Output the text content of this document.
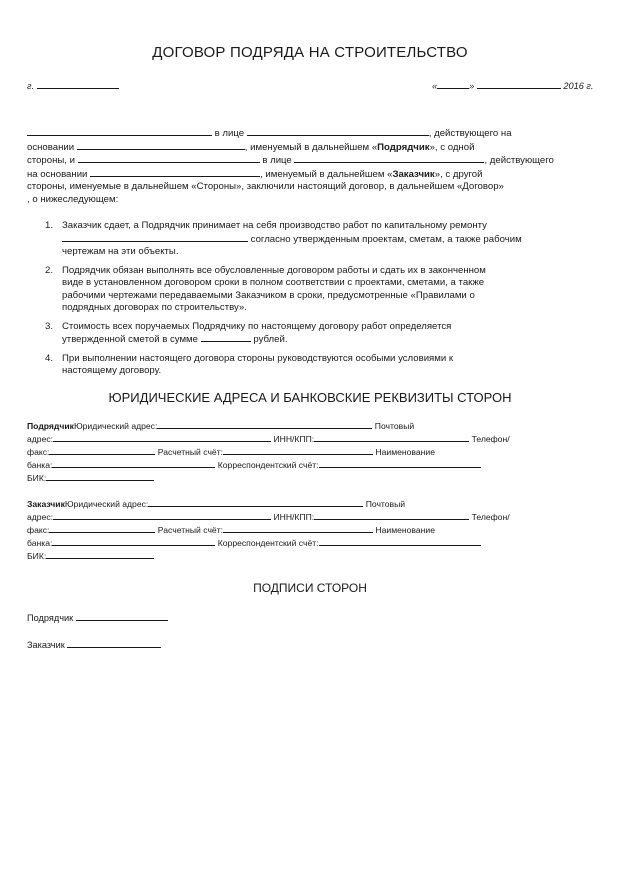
ДОГОВОР ПОДРЯДА НА СТРОИТЕЛЬСТВО
г.	«	»	2016 г.
в лице	, действующего на
основании	, именуемый в дальнейшем «Подрядчик», с одной
стороны, и	в лице	, действующего
на основании	, именуемый в дальнейшем «Заказчик», с другой
стороны, именуемые в дальнейшем «Стороны», заключили настоящий договор, в дальнейшем «Договор»
, о нижеследующем:
1. Заказчик сдает, а Подрядчик принимает на себя производство работ по капитальному ремонту
согласно утвержденным проектам, сметам, а также рабочим
чертежам на эти объекты.
2. Подрядчик обязан выполнять все обусловленные договором работы и сдать их в законченном
виде в установленном договором сроки в полном соответствии с проектами, сметами, а также
рабочими чертежами передаваемыми Заказчиком в сроки, предусмотренные «Правилами о
подрядных договорах по строительству».
3. Стоимость всех поручаемых Подрядчику по настоящему договору работ определяется
утвержденной сметой в сумме	рублей.
4. При выполнении настоящего договора стороны руководствуются особыми условиями к
настоящему договору.
ЮРИДИЧЕСКИЕ АДРЕСА И БАНКОВСКИЕ РЕКВИЗИТЫ СТОРОН
ПодрядчикЮридический адрес:	Почтовый
адрес:	ИНН/КПП:	Телефон/
факс:	Расчетный счёт:	Наименование
банка:	Корреспондентский счёт:
БИК:
ЗаказчикЮридический адрес:	Почтовый
адрес:	ИНН/КПП:	Телефон/
факс:	Расчетный счёт:	Наименование
банка:	Корреспондентский счёт:
БИК:
ПОДПИСИ СТОРОН
Подрядчик
Заказчик
